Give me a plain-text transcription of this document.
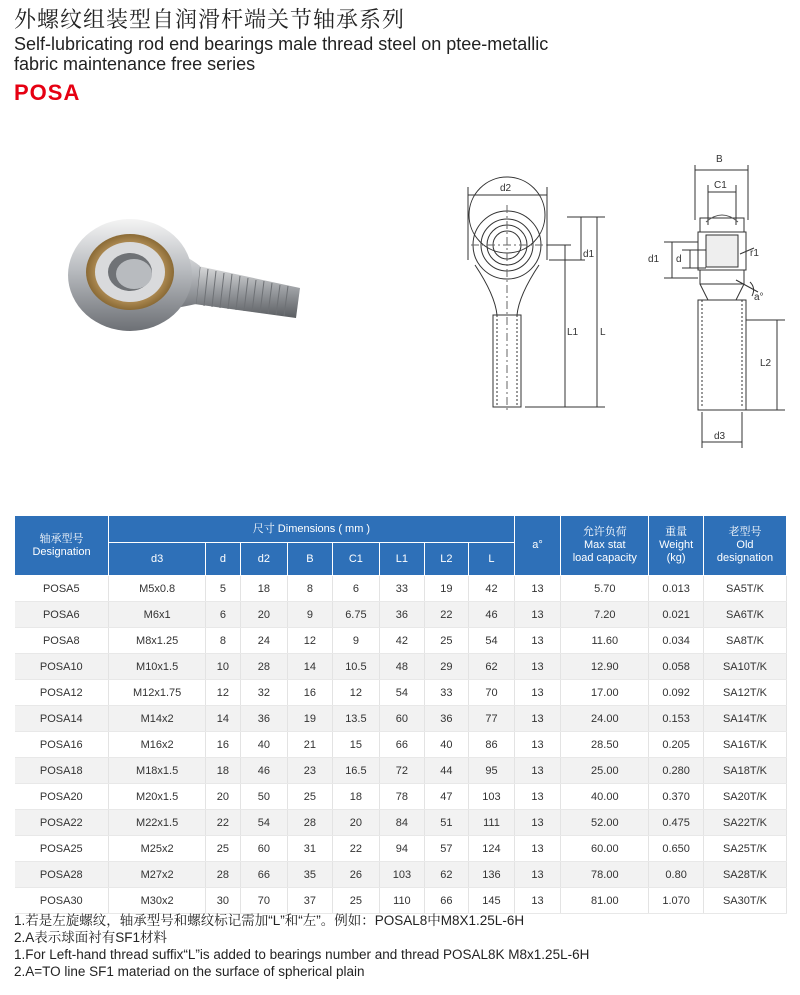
外螺纹组装型自润滑杆端关节轴承系列
Self-lubricating rod end bearings male thread steel on ptee-metallic
fabric maintenance free series
POSA
d2
d1
L1 L
B
C1
d1 d
r1
a°
L2
d3
轴承型号
Designation	尺寸 Dimensions ( mm )								a°	允许负荷
Max stat
load capacity	重量
Weight
(kg)	老型号
Old
designation
	d3	d	d2	B	C1	L1	L2	L				
POSA5	M5x0.8	5	18	8	6	33	19	42	13	5.70	0.013	SA5T/K
POSA6	M6x1	6	20	9	6.75	36	22	46	13	7.20	0.021	SA6T/K
POSA8	M8x1.25	8	24	12	9	42	25	54	13	11.60	0.034	SA8T/K
POSA10	M10x1.5	10	28	14	10.5	48	29	62	13	12.90	0.058	SA10T/K
POSA12	M12x1.75	12	32	16	12	54	33	70	13	17.00	0.092	SA12T/K
POSA14	M14x2	14	36	19	13.5	60	36	77	13	24.00	0.153	SA14T/K
POSA16	M16x2	16	40	21	15	66	40	86	13	28.50	0.205	SA16T/K
POSA18	M18x1.5	18	46	23	16.5	72	44	95	13	25.00	0.280	SA18T/K
POSA20	M20x1.5	20	50	25	18	78	47	103	13	40.00	0.370	SA20T/K
POSA22	M22x1.5	22	54	28	20	84	51	111	13	52.00	0.475	SA22T/K
POSA25	M25x2	25	60	31	22	94	57	124	13	60.00	0.650	SA25T/K
POSA28	M27x2	28	66	35	26	103	62	136	13	78.00	0.80	SA28T/K
POSA30	M30x2	30	70	37	25	110	66	145	13	81.00	1.070	SA30T/K
1.若是左旋螺纹，轴承型号和螺纹标记需加“L”和“左”。例如：POSAL8中M8X1.25L-6H
2.A表示球面衬有SF1材料
1.For Left-hand thread suffix“L”is added to bearings number and thread POSAL8K M8x1.25L-6H
2.A=TO line SF1 materiad on the surface of spherical plain
